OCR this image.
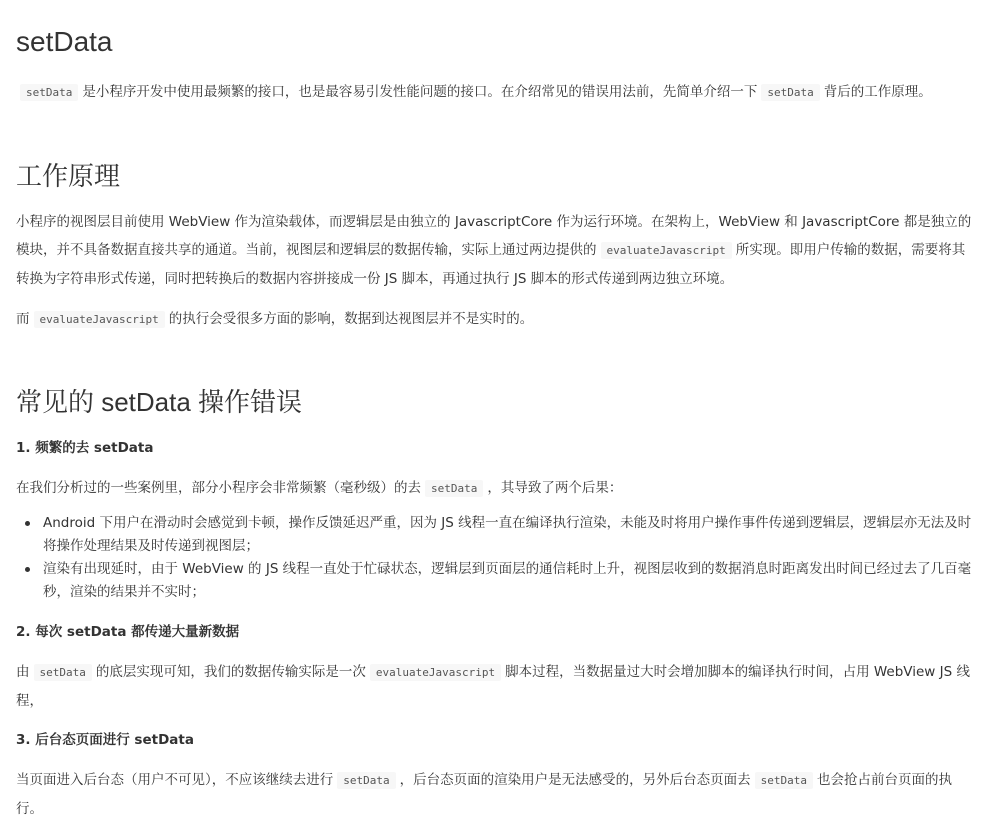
setData

setData 是小程序开发中使用最频繁的接口，也是最容易引发性能问题的接口。在介绍常见的错误用法前，先简单介绍一下 setData 背后的工作原理。

工作原理

小程序的视图层目前使用 WebView 作为渲染载体，而逻辑层是由独立的 JavascriptCore 作为运行环境。在架构上，WebView 和 JavascriptCore 都是独立的模块，并不具备数据直接共享的通道。当前，视图层和逻辑层的数据传输，实际上通过两边提供的 evaluateJavascript 所实现。即用户传输的数据，需要将其转换为字符串形式传递，同时把转换后的数据内容拼接成一份 JS 脚本，再通过执行 JS 脚本的形式传递到两边独立环境。

而 evaluateJavascript 的执行会受很多方面的影响，数据到达视图层并不是实时的。

常见的 setData 操作错误

1. 频繁的去 setData

在我们分析过的一些案例里，部分小程序会非常频繁（毫秒级）的去 setData ，其导致了两个后果：

Android 下用户在滑动时会感觉到卡顿，操作反馈延迟严重，因为 JS 线程一直在编译执行渲染，未能及时将用户操作事件传递到逻辑层，逻辑层亦无法及时将操作处理结果及时传递到视图层；
渲染有出现延时，由于 WebView 的 JS 线程一直处于忙碌状态，逻辑层到页面层的通信耗时上升，视图层收到的数据消息时距离发出时间已经过去了几百毫秒，渲染的结果并不实时；

2. 每次 setData 都传递大量新数据

由 setData 的底层实现可知，我们的数据传输实际是一次 evaluateJavascript 脚本过程，当数据量过大时会增加脚本的编译执行时间，占用 WebView JS 线程，

3. 后台态页面进行 setData

当页面进入后台态（用户不可见），不应该继续去进行 setData ，后台态页面的渲染用户是无法感受的，另外后台态页面去 setData 也会抢占前台页面的执行。
